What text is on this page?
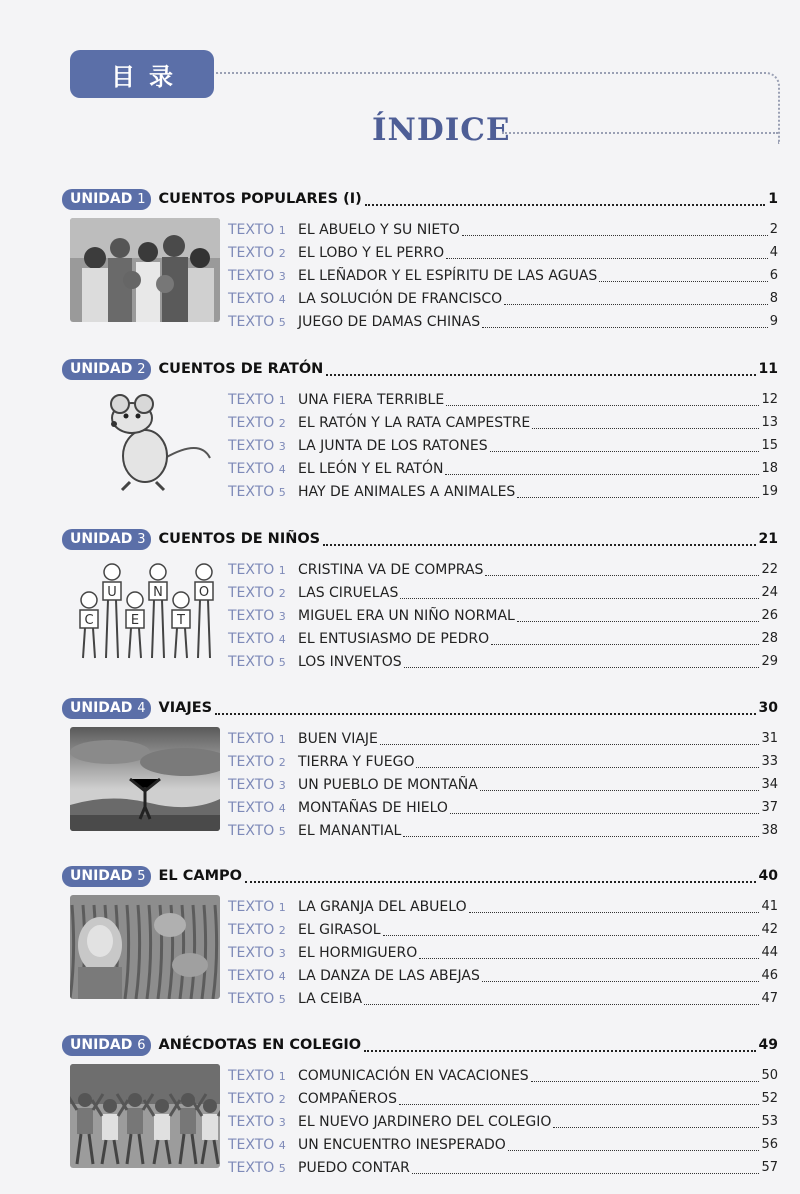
目录
ÍNDICE
UNIDAD 1 CUENTOS POPULARES (I)	1
TEXTO 1 EL ABUELO Y SU NIETO	2
TEXTO 2 EL LOBO Y EL PERRO	4
TEXTO 3 EL LEÑADOR Y EL ESPÍRITU DE LAS AGUAS	6
TEXTO 4 LA SOLUCIÓN DE FRANCISCO	8
TEXTO 5 JUEGO DE DAMAS CHINAS	9
UNIDAD 2 CUENTOS DE RATÓN	11
TEXTO 1 UNA FIERA TERRIBLE	12
TEXTO 2 EL RATÓN Y LA RATA CAMPESTRE	13
TEXTO 3 LA JUNTA DE LOS RATONES	15
TEXTO 4 EL LEÓN Y EL RATÓN	18
TEXTO 5 HAY DE ANIMALES A ANIMALES	19
UNIDAD 3 CUENTOS DE NIÑOS	21
C
U
E
N
T
O
TEXTO 1 CRISTINA VA DE COMPRAS	22
TEXTO 2 LAS CIRUELAS	24
TEXTO 3 MIGUEL ERA UN NIÑO NORMAL	26
TEXTO 4 EL ENTUSIASMO DE PEDRO	28
TEXTO 5 LOS INVENTOS	29
UNIDAD 4 VIAJES	30
TEXTO 1 BUEN VIAJE	31
TEXTO 2 TIERRA Y FUEGO	33
TEXTO 3 UN PUEBLO DE MONTAÑA	34
TEXTO 4 MONTAÑAS DE HIELO	37
TEXTO 5 EL MANANTIAL	38
UNIDAD 5 EL CAMPO	40
TEXTO 1 LA GRANJA DEL ABUELO	41
TEXTO 2 EL GIRASOL	42
TEXTO 3 EL HORMIGUERO	44
TEXTO 4 LA DANZA DE LAS ABEJAS	46
TEXTO 5 LA CEIBA	47
UNIDAD 6 ANÉCDOTAS EN COLEGIO	49
TEXTO 1 COMUNICACIÓN EN VACACIONES	50
TEXTO 2 COMPAÑEROS	52
TEXTO 3 EL NUEVO JARDINERO DEL COLEGIO	53
TEXTO 4 UN ENCUENTRO INESPERADO	56
TEXTO 5 PUEDO CONTAR	57
